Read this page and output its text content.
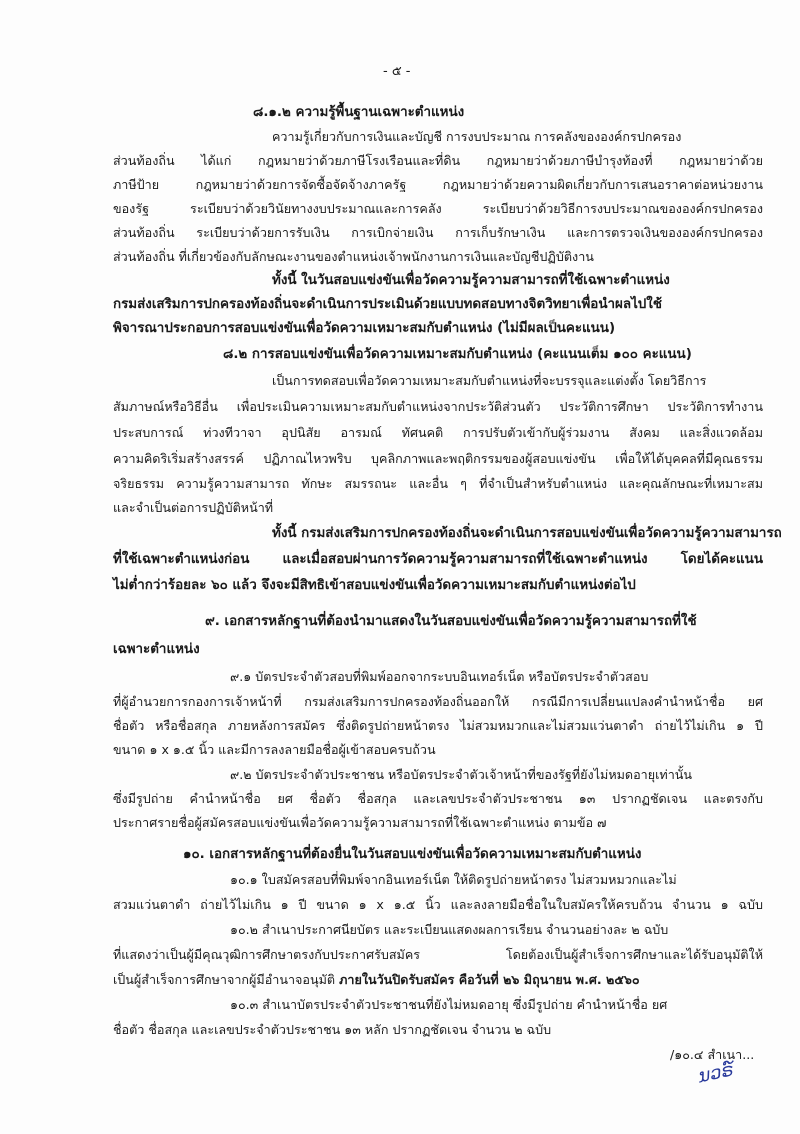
- ๕ -
๘.๑.๒ ความรู้พื้นฐานเฉพาะตำแหน่ง
ความรู้เกี่ยวกับการเงินและบัญชี การงบประมาณ การคลังขององค์กรปกครอง
ส่วนท้องถิ่น ได้แก่ กฎหมายว่าด้วยภาษีโรงเรือนและที่ดิน กฎหมายว่าด้วยภาษีบำรุงท้องที่ กฎหมายว่าด้วย
ภาษีป้าย กฎหมายว่าด้วยการจัดซื้อจัดจ้างภาครัฐ กฎหมายว่าด้วยความผิดเกี่ยวกับการเสนอราคาต่อหน่วยงาน
ของรัฐ ระเบียบว่าด้วยวินัยทางงบประมาณและการคลัง ระเบียบว่าด้วยวิธีการงบประมาณขององค์กรปกครอง
ส่วนท้องถิ่น ระเบียบว่าด้วยการรับเงิน การเบิกจ่ายเงิน การเก็บรักษาเงิน และการตรวจเงินขององค์กรปกครอง
ส่วนท้องถิ่น ที่เกี่ยวข้องกับลักษณะงานของตำแหน่งเจ้าพนักงานการเงินและบัญชีปฏิบัติงาน
ทั้งนี้ ในวันสอบแข่งขันเพื่อวัดความรู้ความสามารถที่ใช้เฉพาะตำแหน่ง
กรมส่งเสริมการปกครองท้องถิ่นจะดำเนินการประเมินด้วยแบบทดสอบทางจิตวิทยาเพื่อนำผลไปใช้
พิจารณาประกอบการสอบแข่งขันเพื่อวัดความเหมาะสมกับตำแหน่ง (ไม่มีผลเป็นคะแนน)
๘.๒ การสอบแข่งขันเพื่อวัดความเหมาะสมกับตำแหน่ง (คะแนนเต็ม ๑๐๐ คะแนน)
เป็นการทดสอบเพื่อวัดความเหมาะสมกับตำแหน่งที่จะบรรจุและแต่งตั้ง โดยวิธีการ
สัมภาษณ์หรือวิธีอื่น เพื่อประเมินความเหมาะสมกับตำแหน่งจากประวัติส่วนตัว ประวัติการศึกษา ประวัติการทำงาน
ประสบการณ์ ท่วงทีวาจา อุปนิสัย อารมณ์ ทัศนคติ การปรับตัวเข้ากับผู้ร่วมงาน สังคม และสิ่งแวดล้อม
ความคิดริเริ่มสร้างสรรค์ ปฏิภาณไหวพริบ บุคลิกภาพและพฤติกรรมของผู้สอบแข่งขัน เพื่อให้ได้บุคคลที่มีคุณธรรม
จริยธรรม ความรู้ความสามารถ ทักษะ สมรรถนะ และอื่น ๆ ที่จำเป็นสำหรับตำแหน่ง และคุณลักษณะที่เหมาะสม
และจำเป็นต่อการปฏิบัติหน้าที่
ทั้งนี้ กรมส่งเสริมการปกครองท้องถิ่นจะดำเนินการสอบแข่งขันเพื่อวัดความรู้ความสามารถ
ที่ใช้เฉพาะตำแหน่งก่อน และเมื่อสอบผ่านการวัดความรู้ความสามารถที่ใช้เฉพาะตำแหน่ง โดยได้คะแนน
ไม่ต่ำกว่าร้อยละ ๖๐ แล้ว จึงจะมีสิทธิเข้าสอบแข่งขันเพื่อวัดความเหมาะสมกับตำแหน่งต่อไป
๙. เอกสารหลักฐานที่ต้องนำมาแสดงในวันสอบแข่งขันเพื่อวัดความรู้ความสามารถที่ใช้
เฉพาะตำแหน่ง
๙.๑ บัตรประจำตัวสอบที่พิมพ์ออกจากระบบอินเทอร์เน็ต หรือบัตรประจำตัวสอบ
ที่ผู้อำนวยการกองการเจ้าหน้าที่ กรมส่งเสริมการปกครองท้องถิ่นออกให้ กรณีมีการเปลี่ยนแปลงคำนำหน้าชื่อ ยศ
ชื่อตัว หรือชื่อสกุล ภายหลังการสมัคร ซึ่งติดรูปถ่ายหน้าตรง ไม่สวมหมวกและไม่สวมแว่นตาดำ ถ่ายไว้ไม่เกิน ๑ ปี
ขนาด ๑ x ๑.๕ นิ้ว และมีการลงลายมือชื่อผู้เข้าสอบครบถ้วน
๙.๒ บัตรประจำตัวประชาชน หรือบัตรประจำตัวเจ้าหน้าที่ของรัฐที่ยังไม่หมดอายุเท่านั้น
ซึ่งมีรูปถ่าย คำนำหน้าชื่อ ยศ ชื่อตัว ชื่อสกุล และเลขประจำตัวประชาชน ๑๓ ปรากฏชัดเจน และตรงกับ
ประกาศรายชื่อผู้สมัครสอบแข่งขันเพื่อวัดความรู้ความสามารถที่ใช้เฉพาะตำแหน่ง ตามข้อ ๗
๑๐. เอกสารหลักฐานที่ต้องยื่นในวันสอบแข่งขันเพื่อวัดความเหมาะสมกับตำแหน่ง
๑๐.๑ ใบสมัครสอบที่พิมพ์จากอินเทอร์เน็ต ให้ติดรูปถ่ายหน้าตรง ไม่สวมหมวกและไม่
สวมแว่นตาดำ ถ่ายไว้ไม่เกิน ๑ ปี ขนาด ๑ x ๑.๕ นิ้ว และลงลายมือชื่อในใบสมัครให้ครบถ้วน จำนวน ๑ ฉบับ
๑๐.๒ สำเนาประกาศนียบัตร และระเบียนแสดงผลการเรียน จำนวนอย่างละ ๒ ฉบับ
ที่แสดงว่าเป็นผู้มีคุณวุฒิการศึกษาตรงกับประกาศรับสมัคร โดยต้องเป็นผู้สำเร็จการศึกษาและได้รับอนุมัติให้
เป็นผู้สำเร็จการศึกษาจากผู้มีอำนาจอนุมัติ ภายในวันปิดรับสมัคร คือวันที่ ๒๖ มิถุนายน พ.ศ. ๒๕๖๐
๑๐.๓ สำเนาบัตรประจำตัวประชาชนที่ยังไม่หมดอายุ ซึ่งมีรูปถ่าย คำนำหน้าชื่อ ยศ
ชื่อตัว ชื่อสกุล และเลขประจำตัวประชาชน ๑๓ หลัก ปรากฏชัดเจน จำนวน ๒ ฉบับ
/๑๐.๔ สำเนา...
ນວຣ໌
